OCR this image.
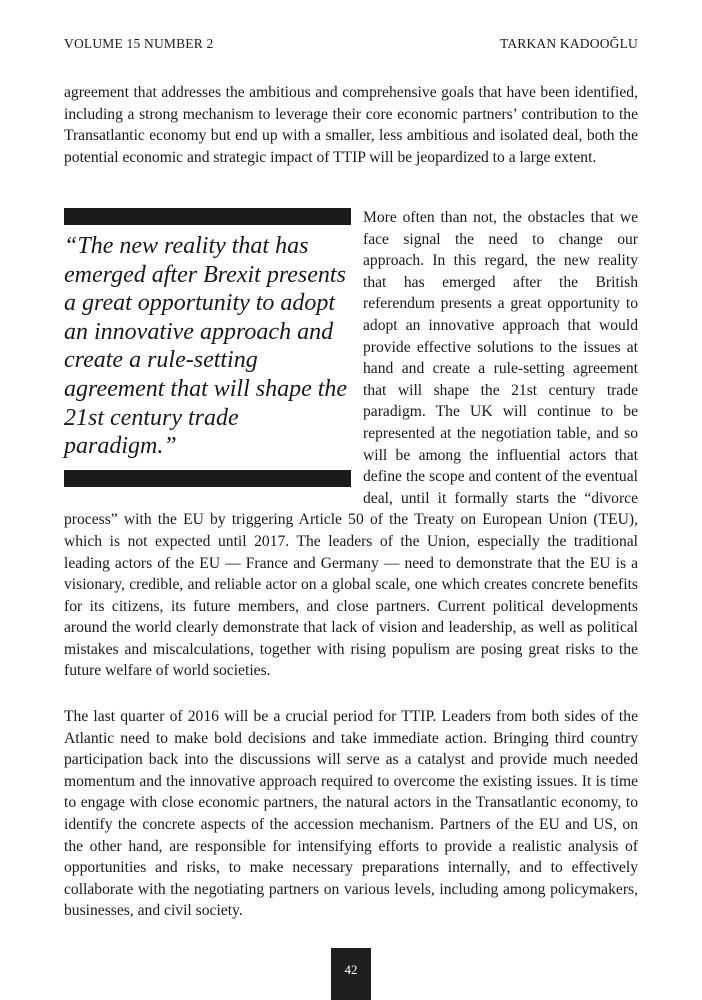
VOLUME 15 NUMBER 2	TARKAN KADOOĞLU

agreement that addresses the ambitious and comprehensive goals that have been identified, including a strong mechanism to leverage their core economic partners’ contribution to the Transatlantic economy but end up with a smaller, less ambitious and isolated deal, both the potential economic and strategic impact of TTIP will be jeopardized to a large extent.

“The new reality that has emerged after Brexit presents a great opportunity to adopt an innovative approach and create a rule-setting agreement that will shape the 21st century trade paradigm.”

More often than not, the obstacles that we face signal the need to change our approach. In this regard, the new reality that has emerged after the British referendum presents a great opportunity to adopt an innovative approach that would provide effective solutions to the issues at hand and create a rule-setting agreement that will shape the 21st century trade paradigm. The UK will continue to be represented at the negotiation table, and so will be among the influential actors that define the scope and content of the eventual deal, until it formally starts the “divorce process” with the EU by triggering Article 50 of the Treaty on European Union (TEU), which is not expected until 2017. The leaders of the Union, especially the traditional leading actors of the EU — France and Germany — need to demonstrate that the EU is a visionary, credible, and reliable actor on a global scale, one which creates concrete benefits for its citizens, its future members, and close partners. Current political developments around the world clearly demonstrate that lack of vision and leadership, as well as political mistakes and miscalculations, together with rising populism are posing great risks to the future welfare of world societies.

The last quarter of 2016 will be a crucial period for TTIP. Leaders from both sides of the Atlantic need to make bold decisions and take immediate action. Bringing third country participation back into the discussions will serve as a catalyst and provide much needed momentum and the innovative approach required to overcome the existing issues. It is time to engage with close economic partners, the natural actors in the Transatlantic economy, to identify the concrete aspects of the accession mechanism. Partners of the EU and US, on the other hand, are responsible for intensifying efforts to provide a realistic analysis of opportunities and risks, to make necessary preparations internally, and to effectively collaborate with the negotiating partners on various levels, including among policymakers, businesses, and civil society.

42
